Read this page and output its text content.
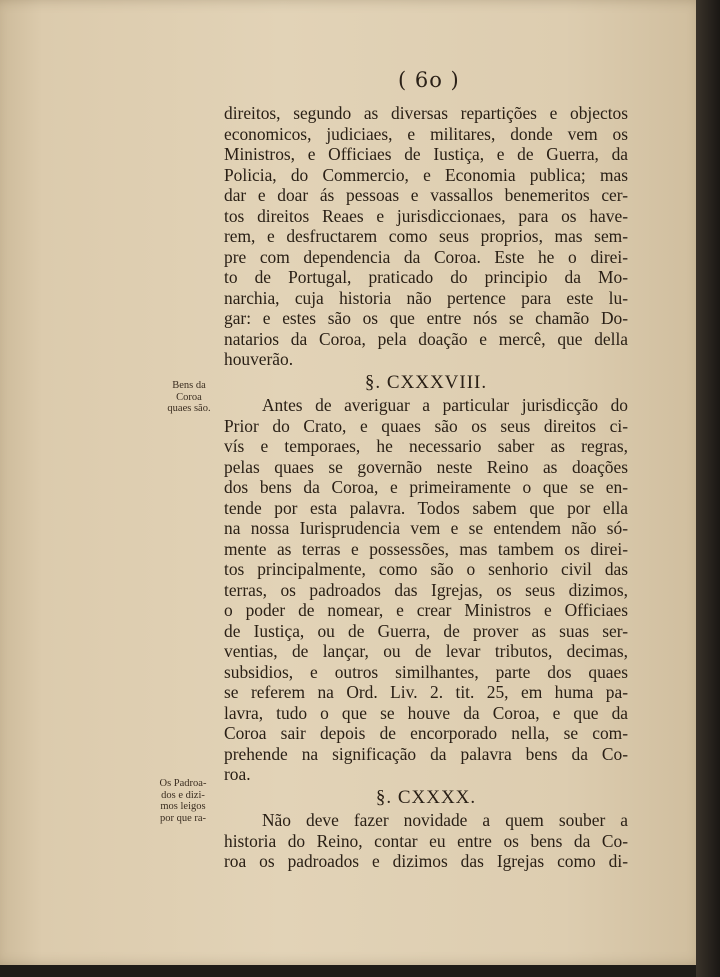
( 6o )
Bens da
Coroa
quaes são.
Os Padroa-
dos e dizi-
mos leigos
por que ra-
direitos, segundo as diversas repartições e objectos
economicos, judiciaes, e militares, donde vem os
Ministros, e Officiaes de Iustiça, e de Guerra, da
Policia, do Commercio, e Economia publica; mas
dar e doar ás pessoas e vassallos benemeritos cer-
tos direitos Reaes e jurisdiccionaes, para os have-
rem, e desfructarem como seus proprios, mas sem-
pre com dependencia da Coroa. Este he o direi-
to de Portugal, praticado do principio da Mo-
narchia, cuja historia não pertence para este lu-
gar: e estes são os que entre nós se chamão Do-
natarios da Coroa, pela doação e mercê, que della
houverão.
§. CXXXVIII.
Antes de averiguar a particular jurisdicção do
Prior do Crato, e quaes são os seus direitos ci-
vís e temporaes, he necessario saber as regras,
pelas quaes se governão neste Reino as doações
dos bens da Coroa, e primeiramente o que se en-
tende por esta palavra. Todos sabem que por ella
na nossa Iurisprudencia vem e se entendem não só-
mente as terras e possessões, mas tambem os direi-
tos principalmente, como são o senhorio civil das
terras, os padroados das Igrejas, os seus dizimos,
o poder de nomear, e crear Ministros e Officiaes
de Iustiça, ou de Guerra, de prover as suas ser-
ventias, de lançar, ou de levar tributos, decimas,
subsidios, e outros similhantes, parte dos quaes
se referem na Ord. Liv. 2. tit. 25, em huma pa-
lavra, tudo o que se houve da Coroa, e que da
Coroa sair depois de encorporado nella, se com-
prehende na significação da palavra bens da Co-
roa.
§. CXXXX.
Não deve fazer novidade a quem souber a
historia do Reino, contar eu entre os bens da Co-
roa os padroados e dizimos das Igrejas como di-
